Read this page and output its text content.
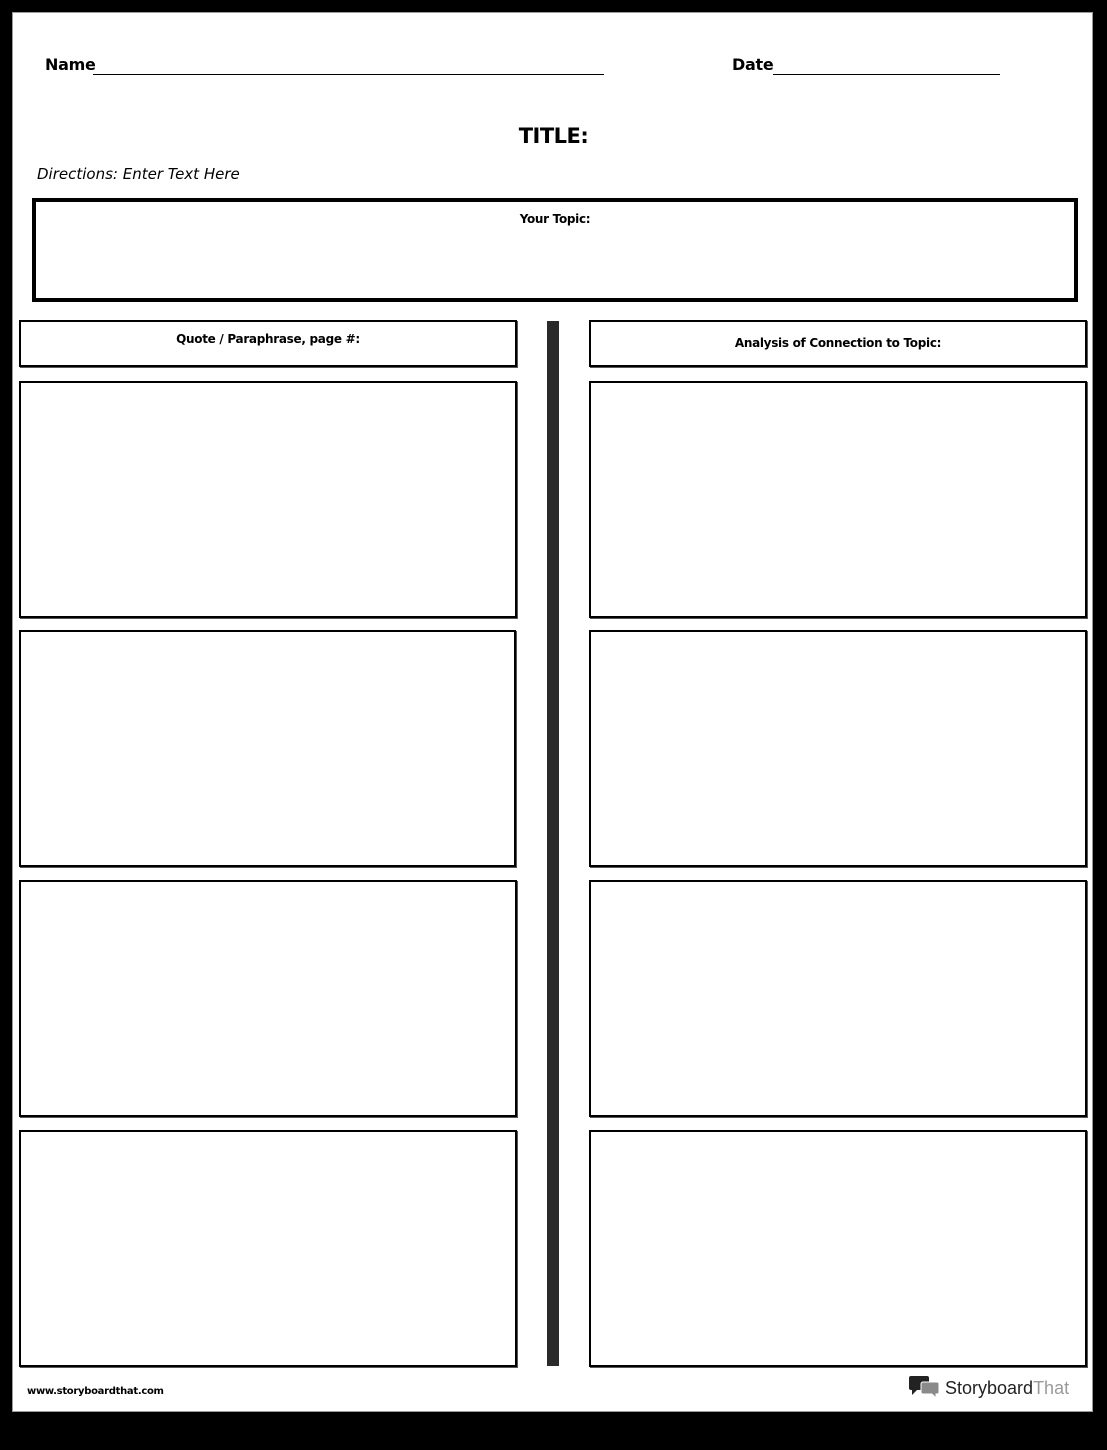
Name	Date
TITLE:
Directions: Enter Text Here
Your Topic:
Quote / Paraphrase, page #:	Analysis of Connection to Topic:
www.storyboardthat.com	StoryboardThat
